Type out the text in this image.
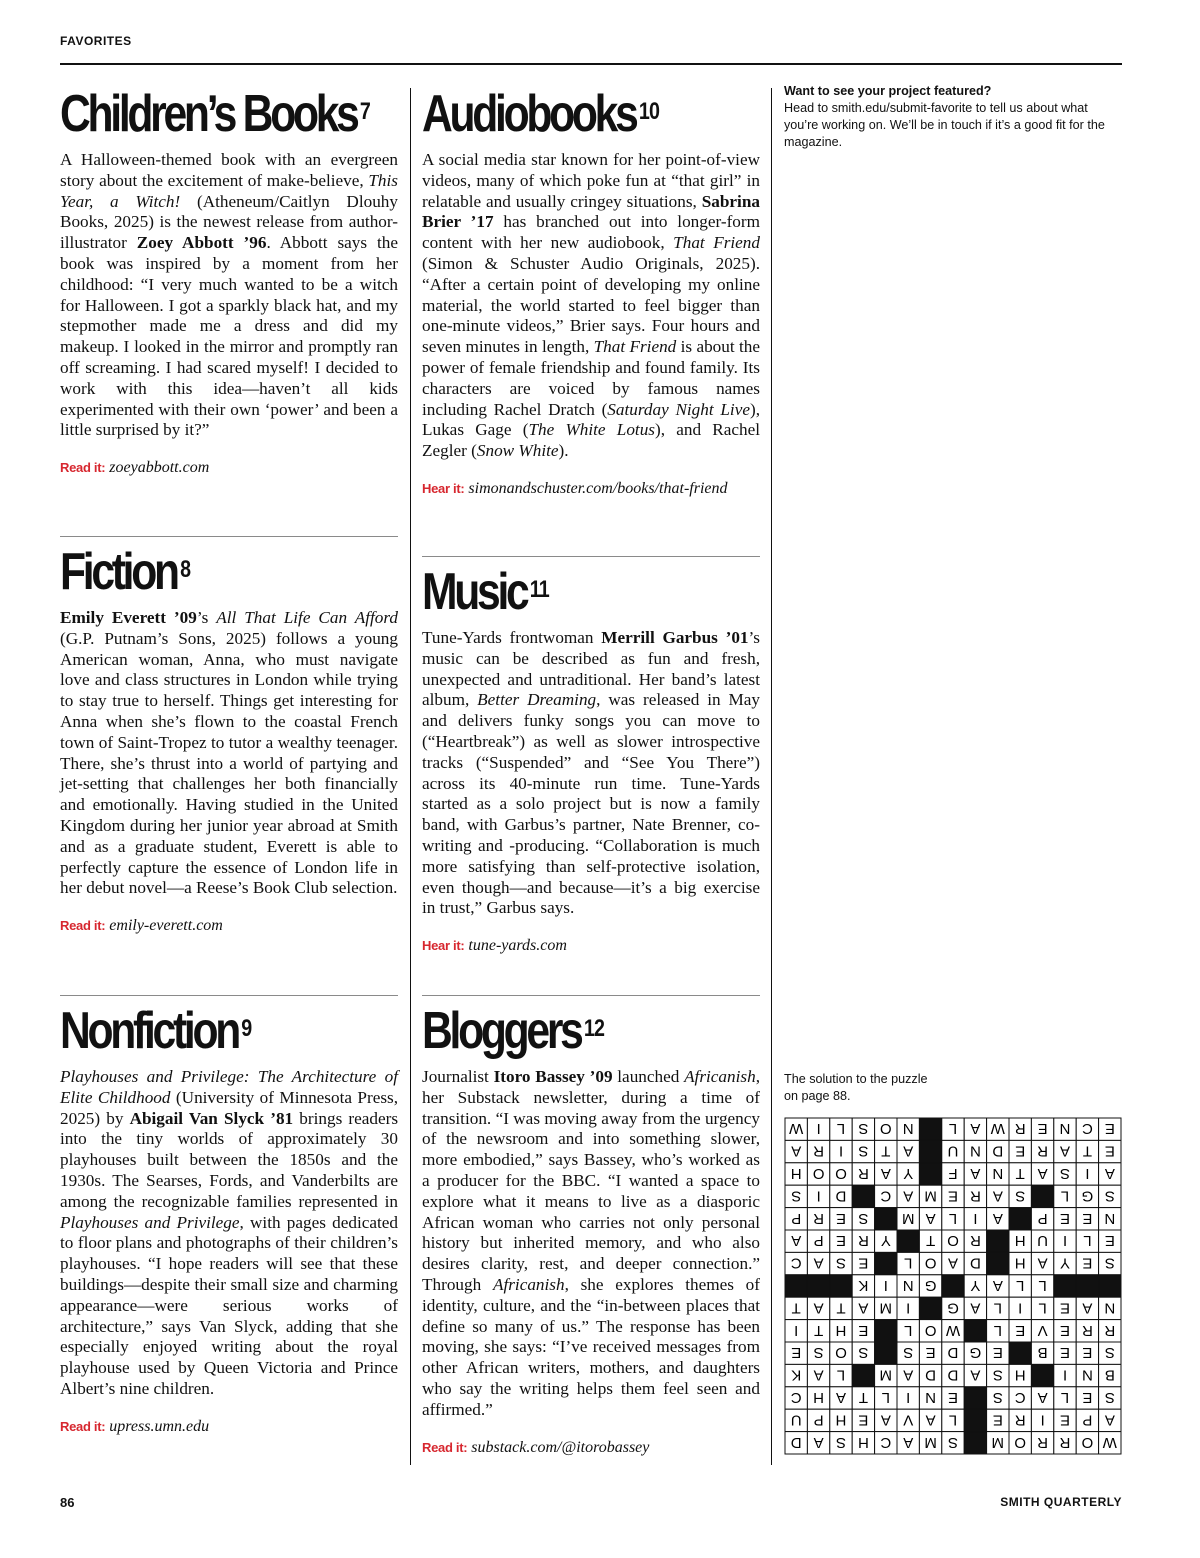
FAVORITES
Children’s Books $^7$

A Halloween-themed book with an evergreen story about the excitement of make-believe, This Year, a Witch! (Atheneum/Caitlyn Dlouhy Books, 2025) is the newest release from author-illustrator Zoey Abbott ’96. Abbott says the book was inspired by a moment from her childhood: “I very much wanted to be a witch for Halloween. I got a sparkly black hat, and my stepmother made me a dress and did my makeup. I looked in the mirror and promptly ran off screaming. I had scared myself! I decided to work with this idea—haven’t all kids experimented with their own ‘power’ and been a little surprised by it?”

Read it: zoeyabbott.com
Fiction $^8$

Emily Everett ’09’s All That Life Can Afford (G.P. Putnam’s Sons, 2025) follows a young American woman, Anna, who must navigate love and class structures in London while trying to stay true to herself. Things get interesting for Anna when she’s flown to the coastal French town of Saint-Tropez to tutor a wealthy teenager. There, she’s thrust into a world of partying and jet-setting that challenges her both financially and emotionally. Having studied in the United Kingdom during her junior year abroad at Smith and as a graduate student, Everett is able to perfectly capture the essence of London life in her debut novel—a Reese’s Book Club selection.

Read it: emily-everett.com
Nonfiction $^9$

Playhouses and Privilege: The Architecture of Elite Childhood (University of Minnesota Press, 2025) by Abigail Van Slyck ’81 brings readers into the tiny worlds of approximately 30 playhouses built between the 1850s and the 1930s. The Searses, Fords, and Vanderbilts are among the recognizable families represented in Playhouses and Privilege, with pages dedicated to floor plans and photographs of their children’s playhouses. “I hope readers will see that these buildings—despite their small size and charming appearance—were serious works of architecture,” says Van Slyck, adding that she especially enjoyed writing about the royal playhouse used by Queen Victoria and Prince Albert’s nine children.

Read it: upress.umn.edu
Audiobooks $^{10}$

A social media star known for her point-of-view videos, many of which poke fun at “that girl” in relatable and usually cringey situations, Sabrina Brier ’17 has branched out into longer-form content with her new audiobook, That Friend (Simon & Schuster Audio Originals, 2025). “After a certain point of developing my online material, the world started to feel bigger than one-minute videos,” Brier says. Four hours and seven minutes in length, That Friend is about the power of female friendship and found family. Its characters are voiced by famous names including Rachel Dratch (Saturday Night Live), Lukas Gage (The White Lotus), and Rachel Zegler (Snow White).

Hear it: simonandschuster.com/books/that-friend
Music $^{11}$

Tune-Yards frontwoman Merrill Garbus ’01’s music can be described as fun and fresh, unexpected and untraditional. Her band’s latest album, Better Dreaming, was released in May and delivers funky songs you can move to (“Heartbreak”) as well as slower introspective tracks (“Suspended” and “See You There”) across its 40-minute run time. Tune-Yards started as a solo project but is now a family band, with Garbus’s partner, Nate Brenner, co-writing and -producing. “Collaboration is much more satisfying than self-protective isolation, even though—and because—it’s a big exercise in trust,” Garbus says.

Hear it: tune-yards.com
Bloggers $^{12}$

Journalist Itoro Bassey ’09 launched Africanish, her Substack newsletter, during a time of transition. “I was moving away from the urgency of the newsroom and into something slower, more embodied,” says Bassey, who’s worked as a producer for the BBC. “I wanted a space to explore what it means to live as a diasporic African woman who carries not only personal history but inherited memory, and who also desires clarity, rest, and deeper connection.” Through Africanish, she explores themes of identity, culture, and the “in-between places that define so many of us.” The response has been moving, she says: “I’ve received messages from other African writers, mothers, and daughters who say the writing helps them feel seen and affirmed.”

Read it: substack.com/@itorobassey
Want to see your project featured?
Head to smith.edu/submit-favorite to tell us about what you’re working on. We’ll be in touch if it’s a good fit for the magazine.
The solution to the puzzle on page 88.
W I L S O N L A W R E N C E
A R I S T A U N D E R A T E
H O O R A Y F A N T A S I A
S I D C A M E R A S L G S
P R E S M A L I A P E E N
A P E R Y T O R H U I L E
C A S E L O A D H A Y E S
K I N G Y A L L
T A T A M I G A L I L E A N
I T H E L O W L E V E R R
E S O S S E D G E B E E S
K A L M A D D A S H I N B
C H A T L I N E S C A L E S
U P H E A V A L E R I E P A
D A S H C A M S M O R R O W
86	SMITH QUARTERLY
